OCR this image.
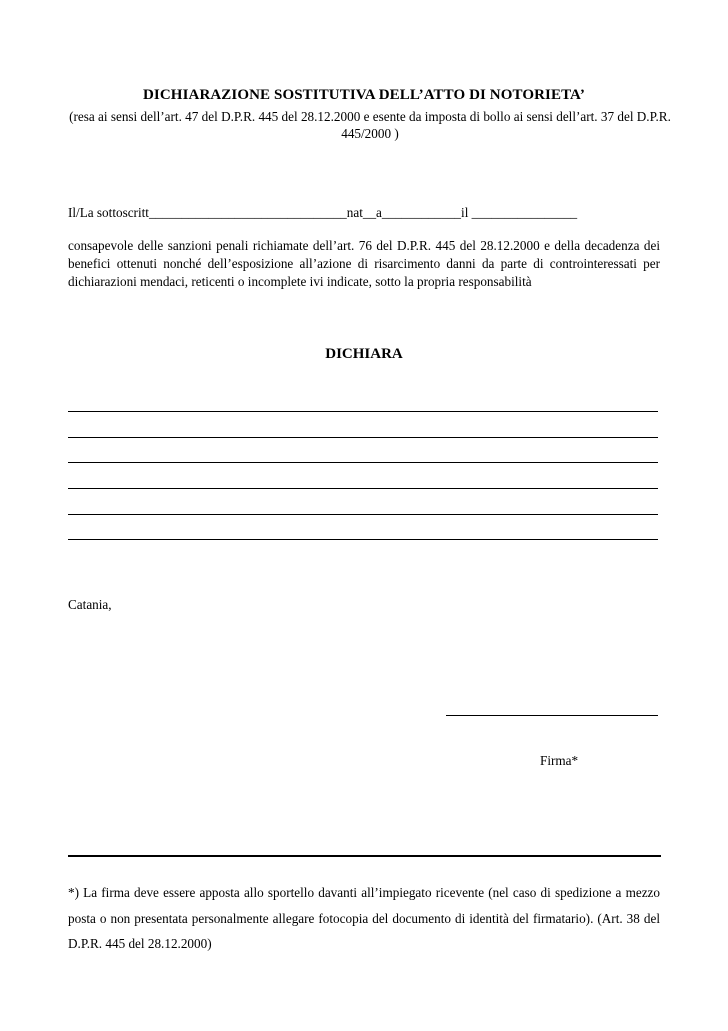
DICHIARAZIONE SOSTITUTIVA DELL’ATTO DI NOTORIETA’
(resa ai sensi dell’art. 47 del D.P.R. 445 del 28.12.2000 e esente da imposta di bollo ai sensi dell’art. 37 del D.P.R. 445/2000 )
Il/La sottoscritt______________________________nat__a____________il ________________
consapevole delle sanzioni penali richiamate dell’art. 76 del D.P.R. 445 del 28.12.2000 e della decadenza dei benefici ottenuti nonché dell’esposizione all’azione di risarcimento danni da parte di controinteressati per dichiarazioni mendaci, reticenti o incomplete ivi indicate, sotto la propria responsabilità
DICHIARA
Catania,
Firma*
*) La firma deve essere apposta allo sportello davanti all’impiegato ricevente (nel caso di spedizione a mezzo posta o non presentata personalmente allegare fotocopia del documento di identità del firmatario). (Art. 38 del D.P.R. 445 del 28.12.2000)
